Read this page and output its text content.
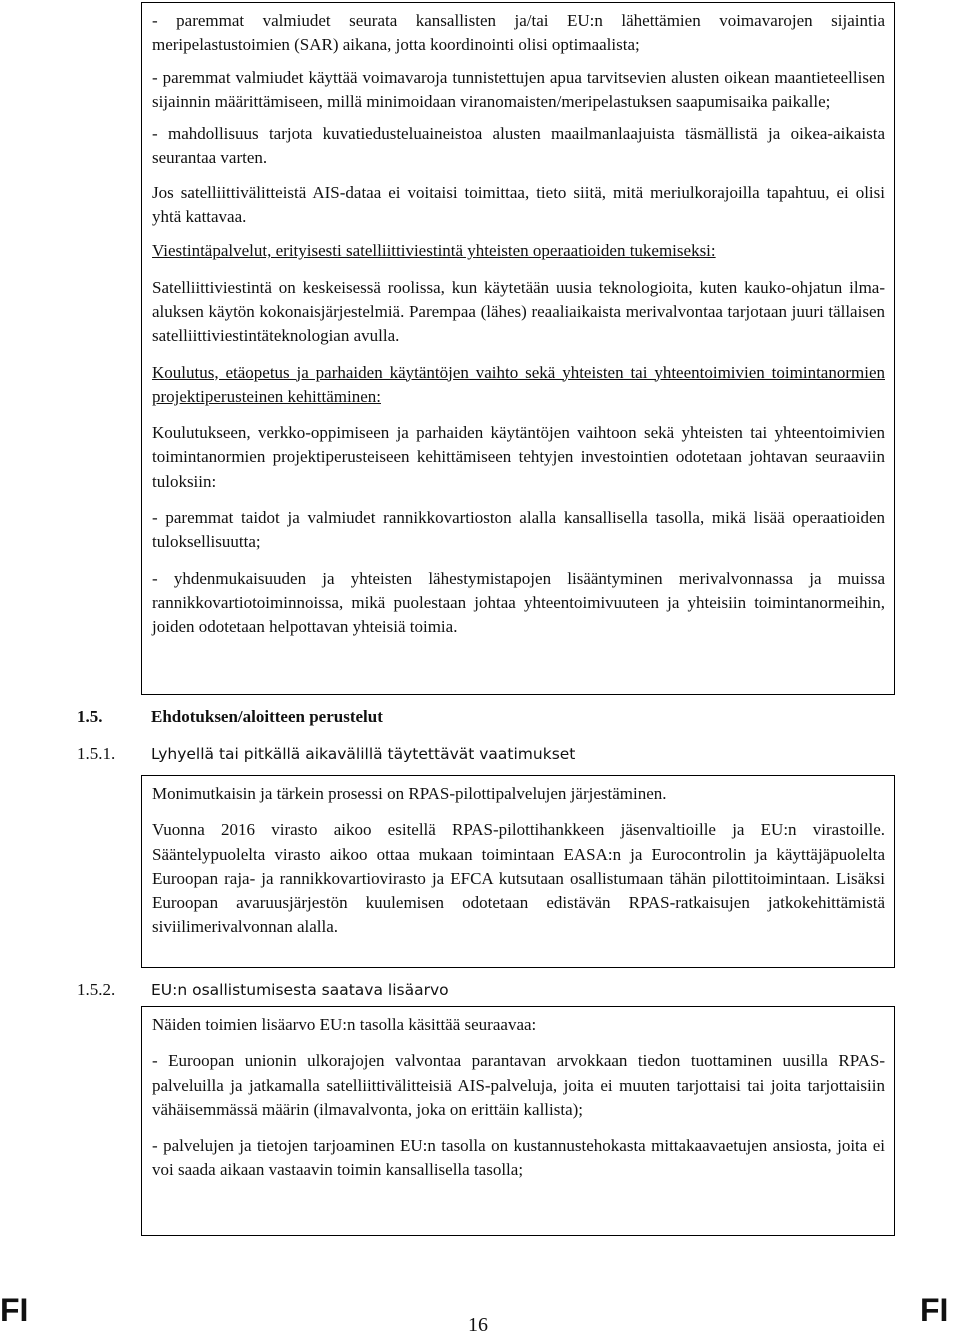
- paremmat valmiudet seurata kansallisten ja/tai EU:n lähettämien voimavarojen sijaintia meripelastustoimien (SAR) aikana, jotta koordinointi olisi optimaalista;

- paremmat valmiudet käyttää voimavaroja tunnistettujen apua tarvitsevien alusten oikean maantieteellisen sijainnin määrittämiseen, millä minimoidaan viranomaisten/meripelastuksen saapumisaika paikalle;

- mahdollisuus tarjota kuvatiedusteluaineistoa alusten maailmanlaajuista täsmällistä ja oikea-aikaista seurantaa varten.

Jos satelliittivälitteistä AIS-dataa ei voitaisi toimittaa, tieto siitä, mitä meriulkorajoilla tapahtuu, ei olisi yhtä kattavaa.

Viestintäpalvelut, erityisesti satelliittiviestintä yhteisten operaatioiden tukemiseksi:

Satelliittiviestintä on keskeisessä roolissa, kun käytetään uusia teknologioita, kuten kauko-ohjatun ilma-aluksen käytön kokonaisjärjestelmiä. Parempaa (lähes) reaaliaikaista merivalvontaa tarjotaan juuri tällaisen satelliittiviestintäteknologian avulla.

Koulutus, etäopetus ja parhaiden käytäntöjen vaihto sekä yhteisten tai yhteentoimivien toimintanormien projektiperusteinen kehittäminen:

Koulutukseen, verkko-oppimiseen ja parhaiden käytäntöjen vaihtoon sekä yhteisten tai yhteentoimivien toimintanormien projektiperusteiseen kehittämiseen tehtyjen investointien odotetaan johtavan seuraaviin tuloksiin:

- paremmat taidot ja valmiudet rannikkovartioston alalla kansallisella tasolla, mikä lisää operaatioiden tuloksellisuutta;

- yhdenmukaisuuden ja yhteisten lähestymistapojen lisääntyminen merivalvonnassa ja muissa rannikkovartiotoiminnoissa, mikä puolestaan johtaa yhteentoimivuuteen ja yhteisiin toimintanormeihin, joiden odotetaan helpottavan yhteisiä toimia.

1.5.	Ehdotuksen/aloitteen perustelut
1.5.1. Lyhyellä tai pitkällä aikavälillä täytettävät vaatimukset

Monimutkaisin ja tärkein prosessi on RPAS-pilottipalvelujen järjestäminen.

Vuonna 2016 virasto aikoo esitellä RPAS-pilottihankkeen jäsenvaltioille ja EU:n virastoille. Sääntelypuolelta virasto aikoo ottaa mukaan toimintaan EASA:n ja Eurocontrolin ja käyttäjäpuolelta Euroopan raja- ja rannikkovartiovirasto ja EFCA kutsutaan osallistumaan tähän pilottitoimintaan. Lisäksi Euroopan avaruusjärjestön kuulemisen odotetaan edistävän RPAS-ratkaisujen jatkokehittämistä siviilimerivalvonnan alalla.

1.5.2. EU:n osallistumisesta saatava lisäarvo

Näiden toimien lisäarvo EU:n tasolla käsittää seuraavaa:

- Euroopan unionin ulkorajojen valvontaa parantavan arvokkaan tiedon tuottaminen uusilla RPAS-palveluilla ja jatkamalla satelliittivälitteisiä AIS-palveluja, joita ei muuten tarjottaisi tai joita tarjottaisiin vähäisemmässä määrin (ilmavalvonta, joka on erittäin kallista);

- palvelujen ja tietojen tarjoaminen EU:n tasolla on kustannustehokasta mittakaavaetujen ansiosta, joita ei voi saada aikaan vastaavin toimin kansallisella tasolla;

FI	16	FI
